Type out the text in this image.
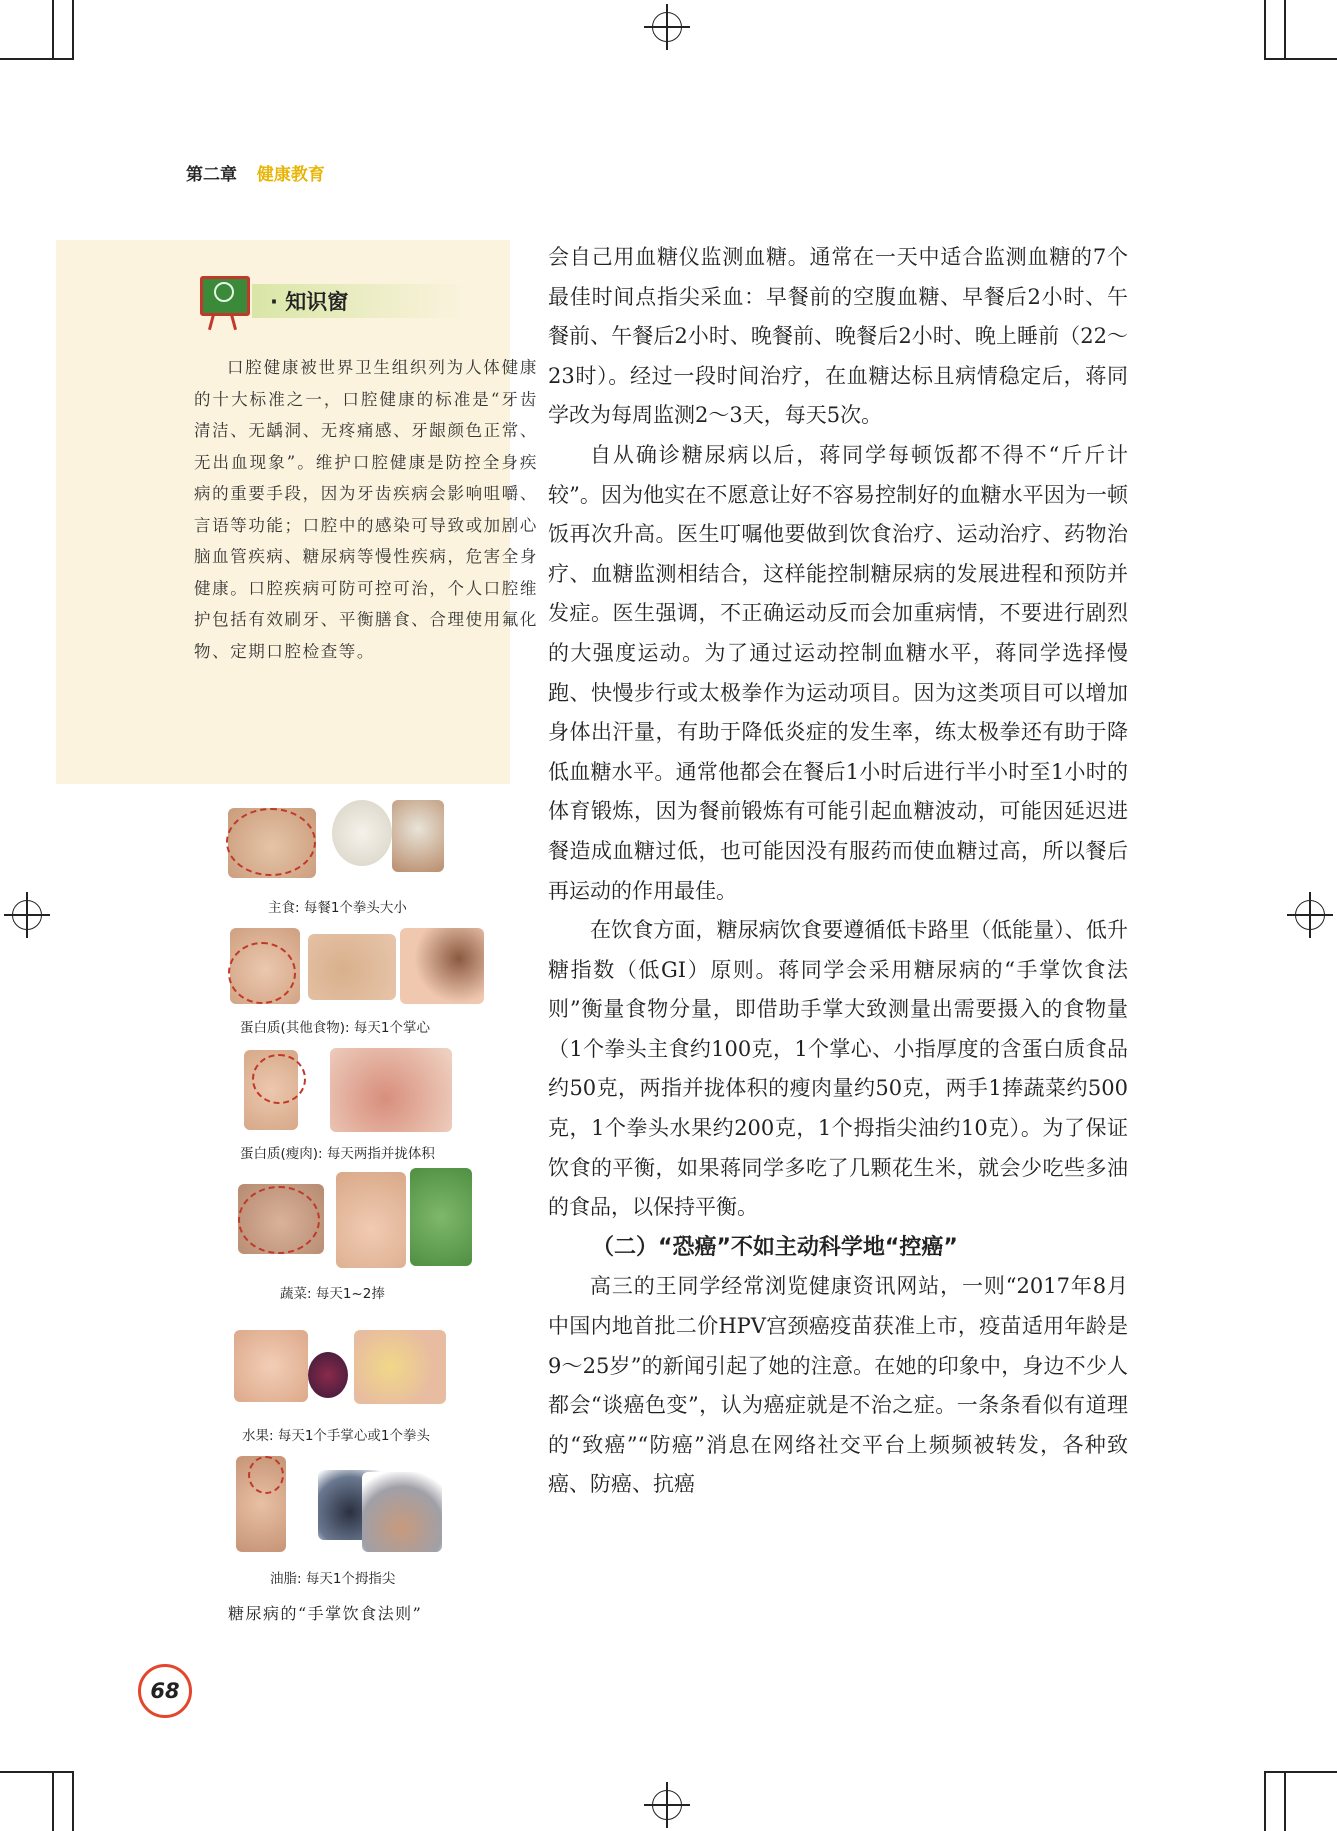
第二章 健康教育
· 知识窗

口腔健康被世界卫生组织列为人体健康的十大标准之一，口腔健康的标准是“牙齿清洁、无龋洞、无疼痛感、牙龈颜色正常、无出血现象”。维护口腔健康是防控全身疾病的重要手段，因为牙齿疾病会影响咀嚼、言语等功能；口腔中的感染可导致或加剧心脑血管疾病、糖尿病等慢性疾病，危害全身健康。口腔疾病可防可控可治，个人口腔维护包括有效刷牙、平衡膳食、合理使用氟化物、定期口腔检查等。

主食: 每餐1个拳头大小
蛋白质(其他食物): 每天1个掌心
蛋白质(瘦肉): 每天两指并拢体积
蔬菜: 每天1~2捧
水果: 每天1个手掌心或1个拳头
油脂: 每天1个拇指尖
糖尿病的“手掌饮食法则”

会自己用血糖仪监测血糖。通常在一天中适合监测血糖的7个最佳时间点指尖采血：早餐前的空腹血糖、早餐后2小时、午餐前、午餐后2小时、晚餐前、晚餐后2小时、晚上睡前（22～23时）。经过一段时间治疗，在血糖达标且病情稳定后，蒋同学改为每周监测2～3天，每天5次。

自从确诊糖尿病以后，蒋同学每顿饭都不得不“斤斤计较”。因为他实在不愿意让好不容易控制好的血糖水平因为一顿饭再次升高。医生叮嘱他要做到饮食治疗、运动治疗、药物治疗、血糖监测相结合，这样能控制糖尿病的发展进程和预防并发症。医生强调，不正确运动反而会加重病情，不要进行剧烈的大强度运动。为了通过运动控制血糖水平，蒋同学选择慢跑、快慢步行或太极拳作为运动项目。因为这类项目可以增加身体出汗量，有助于降低炎症的发生率，练太极拳还有助于降低血糖水平。通常他都会在餐后1小时后进行半小时至1小时的体育锻炼，因为餐前锻炼有可能引起血糖波动，可能因延迟进餐造成血糖过低，也可能因没有服药而使血糖过高，所以餐后再运动的作用最佳。

在饮食方面，糖尿病饮食要遵循低卡路里（低能量）、低升糖指数（低GI）原则。蒋同学会采用糖尿病的“手掌饮食法则”衡量食物分量，即借助手掌大致测量出需要摄入的食物量（1个拳头主食约100克，1个掌心、小指厚度的含蛋白质食品约50克，两指并拢体积的瘦肉量约50克，两手1捧蔬菜约500克，1个拳头水果约200克，1个拇指尖油约10克）。为了保证饮食的平衡，如果蒋同学多吃了几颗花生米，就会少吃些多油的食品，以保持平衡。

（二）“恐癌”不如主动科学地“控癌”

高三的王同学经常浏览健康资讯网站，一则“2017年8月中国内地首批二价HPV宫颈癌疫苗获准上市，疫苗适用年龄是9～25岁”的新闻引起了她的注意。在她的印象中，身边不少人都会“谈癌色变”，认为癌症就是不治之症。一条条看似有道理的“致癌”“防癌”消息在网络社交平台上频频被转发，各种致癌、防癌、抗癌

68
